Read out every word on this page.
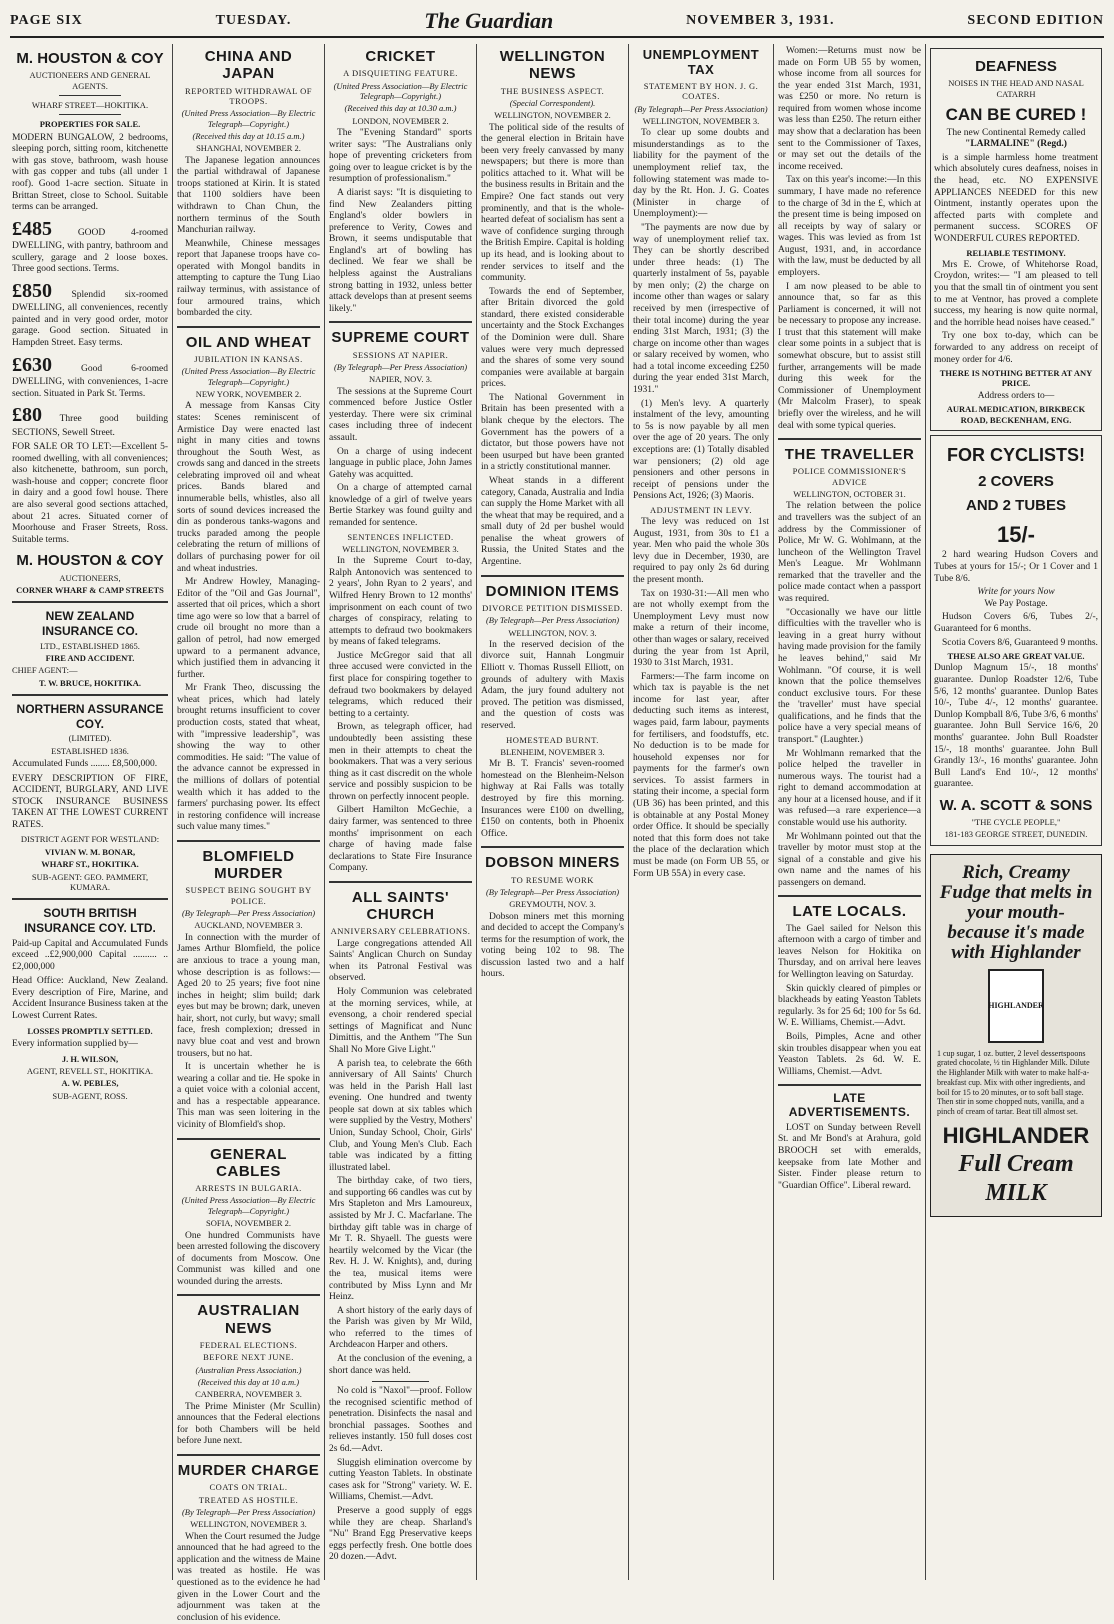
PAGE SIX	TUESDAY.	The Guardian	NOVEMBER 3, 1931.	SECOND EDITION
M. HOUSTON & COY
AUCTIONEERS AND GENERAL AGENTS.
WHARF STREET—HOKITIKA.
PROPERTIES FOR SALE.
MODERN BUNGALOW, 2 bedrooms, sleeping porch, sitting room, kitchenette with gas stove, bathroom, wash house with gas copper and tubs (all under 1 roof). Good 1-acre section. Situate in Brittan Street, close to School. Suitable terms can be arranged.
£485	GOOD 4-roomed DWELLING, with pantry, bathroom and scullery, garage and 2 loose boxes. Three good sections. Terms.
£850 Splendid six-roomed DWELLING, all conveniences, recently painted and in very good order, motor garage. Good section. Situated in Hampden Street. Easy terms.
£630	Good 6-roomed DWELLING, with conveniences, 1-acre section. Situated in Park St. Terms.
£80 Three good building SECTIONS, Sewell Street.
FOR SALE OR TO LET:—Excellent 5-roomed dwelling, with all conveniences; also kitchenette, bathroom, sun porch, wash-house and copper; concrete floor in dairy and a good fowl house. There are also several good sections attached, about 21 acres. Situated corner of Moorhouse and Fraser Streets, Ross. Suitable terms.
M. HOUSTON & COY
AUCTIONEERS,
CORNER WHARF & CAMP STREETS
NEW ZEALAND INSURANCE CO.
LTD., ESTABLISHED 1865.
FIRE AND ACCIDENT.
CHIEF AGENT:—
T. W. BRUCE, HOKITIKA.
NORTHERN ASSURANCE COY.
(LIMITED).
ESTABLISHED 1836.
Accumulated Funds ........ £8,500,000.
EVERY DESCRIPTION OF FIRE, ACCIDENT, BURGLARY, AND LIVE STOCK INSURANCE BUSINESS TAKEN AT THE LOWEST CURRENT RATES.
DISTRICT AGENT FOR WESTLAND:
VIVIAN W. M. BONAR,
WHARF ST., HOKITIKA.
SUB-AGENT: GEO. PAMMERT, KUMARA.
SOUTH BRITISH INSURANCE COY. LTD.
Paid-up Capital and Accumulated Funds exceed ..£2,900,000 Capital .......... ..£2,000,000
Head Office: Auckland, New Zealand. Every description of Fire, Marine, and Accident Insurance Business taken at the Lowest Current Rates.
LOSSES PROMPTLY SETTLED.
Every information supplied by—
J. H. WILSON,
AGENT, REVELL ST., HOKITIKA.
A. W. PEBLES,
SUB-AGENT, ROSS.
CHINA AND JAPAN
REPORTED WITHDRAWAL OF TROOPS.
(United Press Association—By Electric Telegraph—Copyright.)
(Received this day at 10.15 a.m.)
SHANGHAI, NOVEMBER 2.

The Japanese legation announces the partial withdrawal of Japanese troops stationed at Kirin. It is stated that 1100 soldiers have been withdrawn to Chan Chun, the northern terminus of the South Manchurian railway.

Meanwhile, Chinese messages report that Japanese troops have co-operated with Mongol bandits in attempting to capture the Tung Liao railway terminus, with assistance of four armoured trains, which bombarded the city.

OIL AND WHEAT
JUBILATION IN KANSAS.
(United Press Association—By Electric Telegraph—Copyright.)
NEW YORK, NOVEMBER 2.

A message from Kansas City states: Scenes reminiscent of Armistice Day were enacted last night in many cities and towns throughout the South West, as crowds sang and danced in the streets celebrating improved oil and wheat prices. Bands blared and innumerable bells, whistles, also all sorts of sound devices increased the din as ponderous tanks-wagons and trucks paraded among the people celebrating the return of millions of dollars of purchasing power for oil and wheat industries.

Mr Andrew Howley, Managing-Editor of the "Oil and Gas Journal", asserted that oil prices, which a short time ago were so low that a barrel of crude oil brought no more than a gallon of petrol, had now emerged upward to a permanent advance, which justified them in advancing it further.

Mr Frank Theo, discussing the wheat prices, which had lately brought returns insufficient to cover production costs, stated that wheat, with "impressive leadership", was showing the way to other commodities. He said: "The value of the advance cannot be expressed in the millions of dollars of potential wealth which it has added to the farmers' purchasing power. Its effect in restoring confidence will increase such value many times."

BLOMFIELD MURDER
SUSPECT BEING SOUGHT BY POLICE.
(By Telegraph—Per Press Association)
AUCKLAND, NOVEMBER 3.

In connection with the murder of James Arthur Blomfield, the police are anxious to trace a young man, whose description is as follows:—Aged 20 to 25 years; five foot nine inches in height; slim build; dark eyes but may be brown; dark, uneven hair, short, not curly, but wavy; small face, fresh complexion; dressed in navy blue coat and vest and brown trousers, but no hat.

It is uncertain whether he is wearing a collar and tie. He spoke in a quiet voice with a colonial accent, and has a respectable appearance. This man was seen loitering in the vicinity of Blomfield's shop.

GENERAL CABLES
ARRESTS IN BULGARIA.
(United Press Association—By Electric Telegraph—Copyright.)
SOFIA, NOVEMBER 2.

One hundred Communists have been arrested following the discovery of documents from Moscow. One Communist was killed and one wounded during the arrests.

AUSTRALIAN NEWS
FEDERAL ELECTIONS.
BEFORE NEXT JUNE.
(Australian Press Association.)
(Received this day at 10 a.m.)
CANBERRA, NOVEMBER 3.

The Prime Minister (Mr Scullin) announces that the Federal elections for both Chambers will be held before June next.

MURDER CHARGE
COATS ON TRIAL.
TREATED AS HOSTILE.
(By Telegraph—Per Press Association)
WELLINGTON, NOVEMBER 3.

When the Court resumed the Judge announced that he had agreed to the application and the witness de Maine was treated as hostile. He was questioned as to the evidence he had given in the Lower Court and the adjournment was taken at the conclusion of his evidence.

CRICKET
A DISQUIETING FEATURE.
(United Press Association—By Electric Telegraph—Copyright.)
(Received this day at 10.30 a.m.)
LONDON, NOVEMBER 2.

The "Evening Standard" sports writer says: "The Australians only hope of preventing cricketers from going over to league cricket is by the resumption of professionalism."

A diarist says: "It is disquieting to find New Zealanders pitting England's older bowlers in preference to Verity, Cowes and Brown, it seems undisputable that England's art of bowling has declined. We fear we shall be helpless against the Australians strong batting in 1932, unless better attack develops than at present seems likely."

SUPREME COURT
SESSIONS AT NAPIER.
(By Telegraph—Per Press Association)
NAPIER, NOV. 3.

The sessions at the Supreme Court commenced before Justice Ostler yesterday. There were six criminal cases including three of indecent assault.

On a charge of using indecent language in public place, John James Gatehy was acquitted.

On a charge of attempted carnal knowledge of a girl of twelve years Bertie Starkey was found guilty and remanded for sentence.

SENTENCES INFLICTED.
WELLINGTON, NOVEMBER 3.

In the Supreme Court to-day, Ralph Antonovich was sentenced to 2 years', John Ryan to 2 years', and Wilfred Henry Brown to 12 months' imprisonment on each count of two charges of conspiracy, relating to attempts to defraud two bookmakers by means of faked telegrams.

Justice McGregor said that all three accused were convicted in the first place for conspiring together to defraud two bookmakers by delayed telegrams, which reduced their betting to a certainty.

Brown, as telegraph officer, had undoubtedly been assisting these men in their attempts to cheat the bookmakers. That was a very serious thing as it cast discredit on the whole service and possibly suspicion to be thrown on perfectly innocent people.

Gilbert Hamilton McGechie, a dairy farmer, was sentenced to three months' imprisonment on each charge of having made false declarations to State Fire Insurance Company.

ALL SAINTS' CHURCH
ANNIVERSARY CELEBRATIONS.

Large congregations attended All Saints' Anglican Church on Sunday when its Patronal Festival was observed.

Holy Communion was celebrated at the morning services, while, at evensong, a choir rendered special settings of Magnificat and Nunc Dimittis, and the Anthem "The Sun Shall No More Give Light."

A parish tea, to celebrate the 66th anniversary of All Saints' Church was held in the Parish Hall last evening. One hundred and twenty people sat down at six tables which were supplied by the Vestry, Mothers' Union, Sunday School, Choir, Girls' Club, and Young Men's Club. Each table was indicated by a fitting illustrated label.

The birthday cake, of two tiers, and supporting 66 candles was cut by Mrs Stapleton and Mrs Lamoureux, assisted by Mr J. C. Macfarlane. The birthday gift table was in charge of Mr T. R. Shyaell. The guests were heartily welcomed by the Vicar (the Rev. H. J. W. Knights), and, during the tea, musical items were contributed by Miss Lynn and Mr Heinz.

A short history of the early days of the Parish was given by Mr Wild, who referred to the times of Archdeacon Harper and others.

At the conclusion of the evening, a short dance was held.

No cold is "Naxol"—proof. Follow the recognised scientific method of penetration. Disinfects the nasal and bronchial passages. Soothes and relieves instantly. 150 full doses cost 2s 6d.—Advt.

Sluggish elimination overcome by cutting Yeaston Tablets. In obstinate cases ask for "Strong" variety. W. E. Williams, Chemist.—Advt.

Preserve a good supply of eggs while they are cheap. Sharland's "Nu" Brand Egg Preservative keeps eggs perfectly fresh. One bottle does 20 dozen.—Advt.

WELLINGTON NEWS
THE BUSINESS ASPECT.
(Special Correspondent).
WELLINGTON, NOVEMBER 2.

The political side of the results of the general election in Britain have been very freely canvassed by many newspapers; but there is more than politics attached to it. What will be the business results in Britain and the Empire? One fact stands out very prominently, and that is the whole-hearted defeat of socialism has sent a wave of confidence surging through the British Empire. Capital is holding up its head, and is looking about to render services to itself and the community.

Towards the end of September, after Britain divorced the gold standard, there existed considerable uncertainty and the Stock Exchanges of the Dominion were dull. Share values were very much depressed and the shares of some very sound companies were available at bargain prices.

The National Government in Britain has been presented with a blank cheque by the electors. The Government has the powers of a dictator, but those powers have not been usurped but have been granted in a strictly constitutional manner.

Wheat stands in a different category, Canada, Australia and India can supply the Home Market with all the wheat that may be required, and a small duty of 2d per bushel would penalise the wheat growers of Russia, the United States and the Argentine.

DOMINION ITEMS
DIVORCE PETITION DISMISSED.
(By Telegraph—Per Press Association)
WELLINGTON, NOV. 3.

In the reserved decision of the divorce suit, Hannah Longmuir Elliott v. Thomas Russell Elliott, on grounds of adultery with Maxis Adam, the jury found adultery not proved. The petition was dismissed, and the question of costs was reserved.

HOMESTEAD BURNT.
BLENHEIM, NOVEMBER 3.

Mr B. T. Francis' seven-roomed homestead on the Blenheim-Nelson highway at Rai Falls was totally destroyed by fire this morning. Insurances were £100 on dwelling, £150 on contents, both in Phoenix Office.

DOBSON MINERS
TO RESUME WORK
(By Telegraph—Per Press Association)
GREYMOUTH, NOV. 3.

Dobson miners met this morning and decided to accept the Company's terms for the resumption of work, the voting being 102 to 98. The discussion lasted two and a half hours.

UNEMPLOYMENT TAX
STATEMENT BY HON. J. G. COATES.
(By Telegraph—Per Press Association)
WELLINGTON, NOVEMBER 3.

To clear up some doubts and misunderstandings as to the liability for the payment of the unemployment relief tax, the following statement was made to-day by the Rt. Hon. J. G. Coates (Minister in charge of Unemployment):—

"The payments are now due by way of unemployment relief tax. They can be shortly described under three heads: (1) The quarterly instalment of 5s, payable by men only; (2) the charge on income other than wages or salary received by men (irrespective of their total income) during the year ending 31st March, 1931; (3) the charge on income other than wages or salary received by women, who had a total income exceeding £250 during the year ended 31st March, 1931."

(1) Men's levy. A quarterly instalment of the levy, amounting to 5s is now payable by all men over the age of 20 years. The only exceptions are: (1) Totally disabled war pensioners; (2) old age pensioners and other persons in receipt of pensions under the Pensions Act, 1926; (3) Maoris.

ADJUSTMENT IN LEVY.

The levy was reduced on 1st August, 1931, from 30s to £1 a year. Men who paid the whole 30s levy due in December, 1930, are required to pay only 2s 6d during the present month.

Tax on 1930-31:—All men who are not wholly exempt from the Unemployment Levy must now make a return of their income, other than wages or salary, received during the year from 1st April, 1930 to 31st March, 1931.

Farmers:—The farm income on which tax is payable is the net income for last year, after deducting such items as interest, wages paid, farm labour, payments for fertilisers, and foodstuffs, etc. No deduction is to be made for household expenses nor for payments for the farmer's own services. To assist farmers in stating their income, a special form (UB 36) has been printed, and this is obtainable at any Postal Money order Office. It should be specially noted that this form does not take the place of the declaration which must be made (on Form UB 55, or Form UB 55A) in every case.

Women:—Returns must now be made on Form UB 55 by women, whose income from all sources for the year ended 31st March, 1931, was £250 or more. No return is required from women whose income was less than £250. The return either may show that a declaration has been sent to the Commissioner of Taxes, or may set out the details of the income received.

Tax on this year's income:—In this summary, I have made no reference to the charge of 3d in the £, which at the present time is being imposed on all receipts by way of salary or wages. This was levied as from 1st August, 1931, and, in accordance with the law, must be deducted by all employers.

I am now pleased to be able to announce that, so far as this Parliament is concerned, it will not be necessary to propose any increase. I trust that this statement will make clear some points in a subject that is somewhat obscure, but to assist still further, arrangements will be made during this week for the Commissioner of Unemployment (Mr Malcolm Fraser), to speak briefly over the wireless, and he will deal with some typical queries.

THE TRAVELLER
POLICE COMMISSIONER'S ADVICE
WELLINGTON, OCTOBER 31.

The relation between the police and travellers was the subject of an address by the Commissioner of Police, Mr W. G. Wohlmann, at the luncheon of the Wellington Travel Men's League. Mr Wohlmann remarked that the traveller and the police made contact when a passport was required.

"Occasionally we have our little difficulties with the traveller who is leaving in a great hurry without having made provision for the family he leaves behind," said Mr Wohlmann. "Of course, it is well known that the police themselves conduct exclusive tours. For these the 'traveller' must have special qualifications, and he finds that the police have a very special means of transport." (Laughter.)

Mr Wohlmann remarked that the police helped the traveller in numerous ways. The tourist had a right to demand accommodation at any hour at a licensed house, and if it was refused—a rare experience—a constable would use his authority.

Mr Wohlmann pointed out that the traveller by motor must stop at the signal of a constable and give his own name and the names of his passengers on demand.

LATE LOCALS.

The Gael sailed for Nelson this afternoon with a cargo of timber and leaves Nelson for Hokitika on Thursday, and on arrival here leaves for Wellington leaving on Saturday.

Skin quickly cleared of pimples or blackheads by eating Yeaston Tablets regularly. 3s for 25 6d; 100 for 5s 6d. W. E. Williams, Chemist.—Advt.

Boils, Pimples, Acne and other skin troubles disappear when you eat Yeaston Tablets. 2s 6d. W. E. Williams, Chemist.—Advt.

LATE ADVERTISEMENTS.

LOST on Sunday between Revell St. and Mr Bond's at Arahura, gold BROOCH set with emeralds, keepsake from late Mother and Sister. Finder please return to "Guardian Office". Liberal reward.

DEAFNESS
NOISES IN THE HEAD AND NASAL CATARRH
CAN BE CURED !
The new Continental Remedy called
"LARMALINE" (Regd.)

is a simple harmless home treatment which absolutely cures deafness, noises in the head, etc. NO EXPENSIVE APPLIANCES NEEDED for this new Ointment, instantly operates upon the affected parts with complete and permanent success. SCORES OF WONDERFUL CURES REPORTED.

RELIABLE TESTIMONY.

Mrs E. Crowe, of Whitehorse Road, Croydon, writes:— "I am pleased to tell you that the small tin of ointment you sent to me at Ventnor, has proved a complete success, my hearing is now quite normal, and the horrible head noises have ceased."

Try one box to-day, which can be forwarded to any address on receipt of money order for 4/6.

THERE IS NOTHING BETTER AT ANY PRICE.
Address orders to—
AURAL MEDICATION, BIRKBECK ROAD, BECKENHAM, ENG.
FOR CYCLISTS!
2 COVERS
AND 2 TUBES
15/-

2 hard wearing Hudson Covers and Tubes at yours for 15/-; Or 1 Cover and 1 Tube 8/6.

Write for yours Now
We Pay Postage.

Hudson Covers 6/6, Tubes 2/-, Guaranteed for 6 months.

Scotia Covers 8/6, Guaranteed 9 months.

THESE ALSO ARE GREAT VALUE.

Dunlop Magnum 15/-, 18 months' guarantee. Dunlop Roadster 12/6, Tube 5/6, 12 months' guarantee. Dunlop Bates 10/-, Tube 4/-, 12 months' guarantee. Dunlop Kompball 8/6, Tube 3/6, 6 months' guarantee. John Bull Service 16/6, 20 months' guarantee. John Bull Roadster 15/-, 18 months' guarantee. John Bull Grandly 13/-, 16 months' guarantee. John Bull Land's End 10/-, 12 months' guarantee.

W. A. SCOTT & SONS
"THE CYCLE PEOPLE,"
181-183 GEORGE STREET, DUNEDIN.
Rich, Creamy Fudge that melts in your mouth-because it's made with Highlander
HIGHLANDER
1 cup sugar, 1 oz. butter, 2 level dessertspoons grated chocolate, ½ tin Highlander Milk. Dilute the Highlander Milk with water to make half-a-breakfast cup. Mix with other ingredients, and boil for 15 to 20 minutes, or to soft ball stage. Then stir in some chopped nuts, vanilla, and a pinch of cream of tartar. Beat till almost set.
HIGHLANDER
Full Cream MILK
